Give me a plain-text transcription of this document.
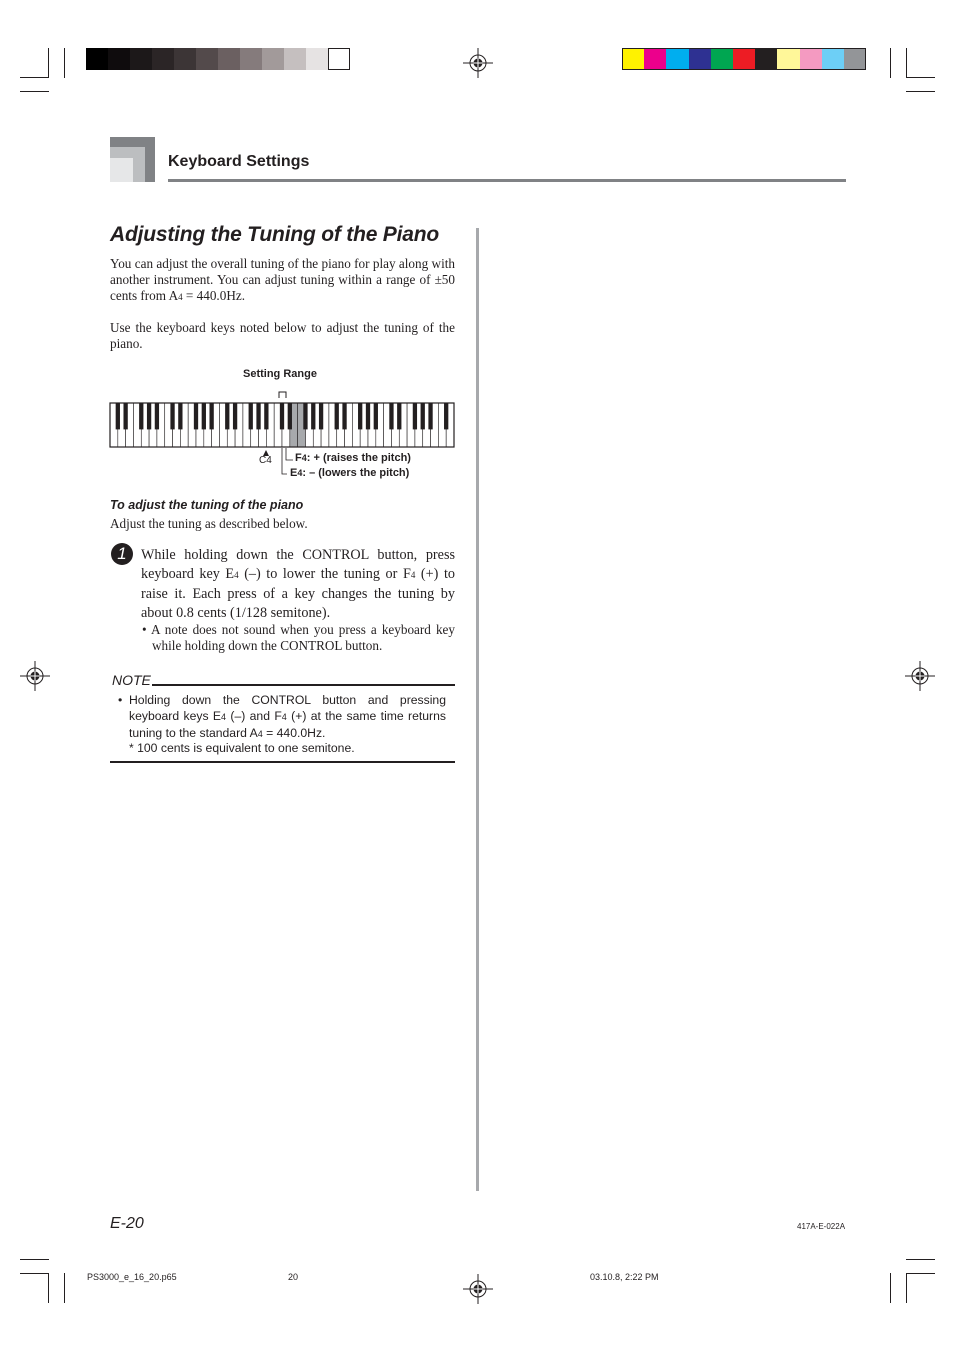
Keyboard Settings
Adjusting the Tuning of the Piano
You can adjust the overall tuning of the piano for play along with another instrument. You can adjust tuning within a range of ±50 cents from A4 = 440.0Hz.
Use the keyboard keys noted below to adjust the tuning of the piano.
Setting Range
C4 F4: + (raises the pitch)
E4: – (lowers the pitch)
To adjust the tuning of the piano
Adjust the tuning as described below.
1	While holding down the CONTROL button, press keyboard key E4 (–) to lower the tuning or F4 (+) to raise it. Each press of a key changes the tuning by about 0.8 cents (1/128 semitone).
• A note does not sound when you press a keyboard key while holding down the CONTROL button.
NOTE
• Holding down the CONTROL button and pressing keyboard keys E4 (–) and F4 (+) at the same time returns tuning to the standard A4 = 440.0Hz.
* 100 cents is equivalent to one semitone.
E-20	417A-E-022A
PS3000_e_16_20.p65	20	03.10.8, 2:22 PM
